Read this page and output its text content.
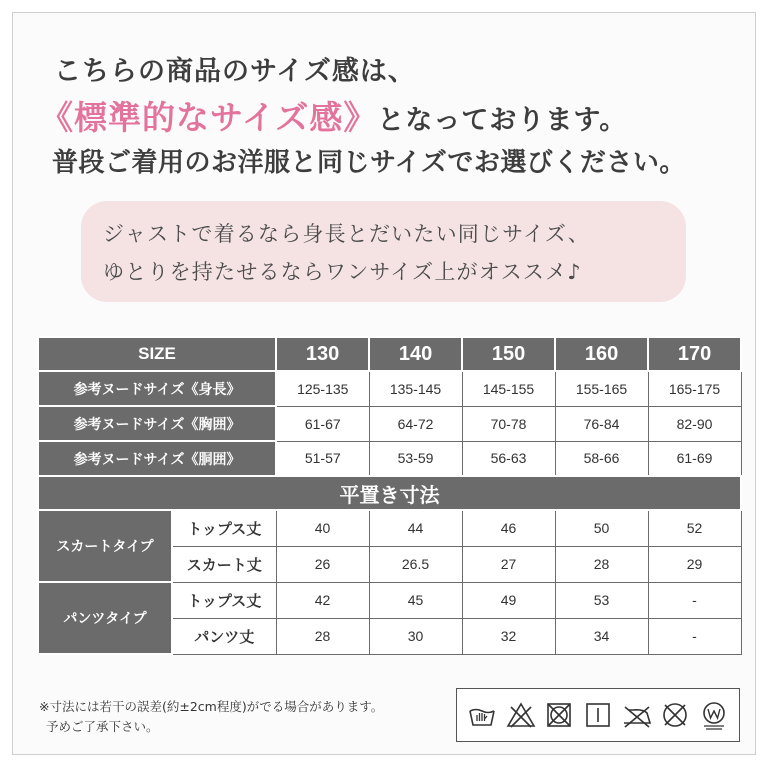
こちらの商品のサイズ感は、
《標準的なサイズ感》となっております。
普段ご着用のお洋服と同じサイズでお選びください。

ジャストで着るなら身長とだいたい同じサイズ、

ゆとりを持たせるならワンサイズ上がオススメ♪

SIZE		130	140	150	160	170
参考ヌードサイズ《身長》		125-135	135-145	145-155	155-165	165-175
参考ヌードサイズ《胸囲》		61-67	64-72	70-78	76-84	82-90
参考ヌードサイズ《胴囲》		51-57	53-59	56-63	58-66	61-69
平置き寸法						
スカートタイプ	トップス丈	40	44	46	50	52
	スカート丈	26	26.5	27	28	29
パンツタイプ	トップス丈	42	45	49	53	-
	パンツ丈	28	30	32	34	-
※寸法には若干の誤差(約±2cm程度)がでる場合があります。
予めご了承下さい。
